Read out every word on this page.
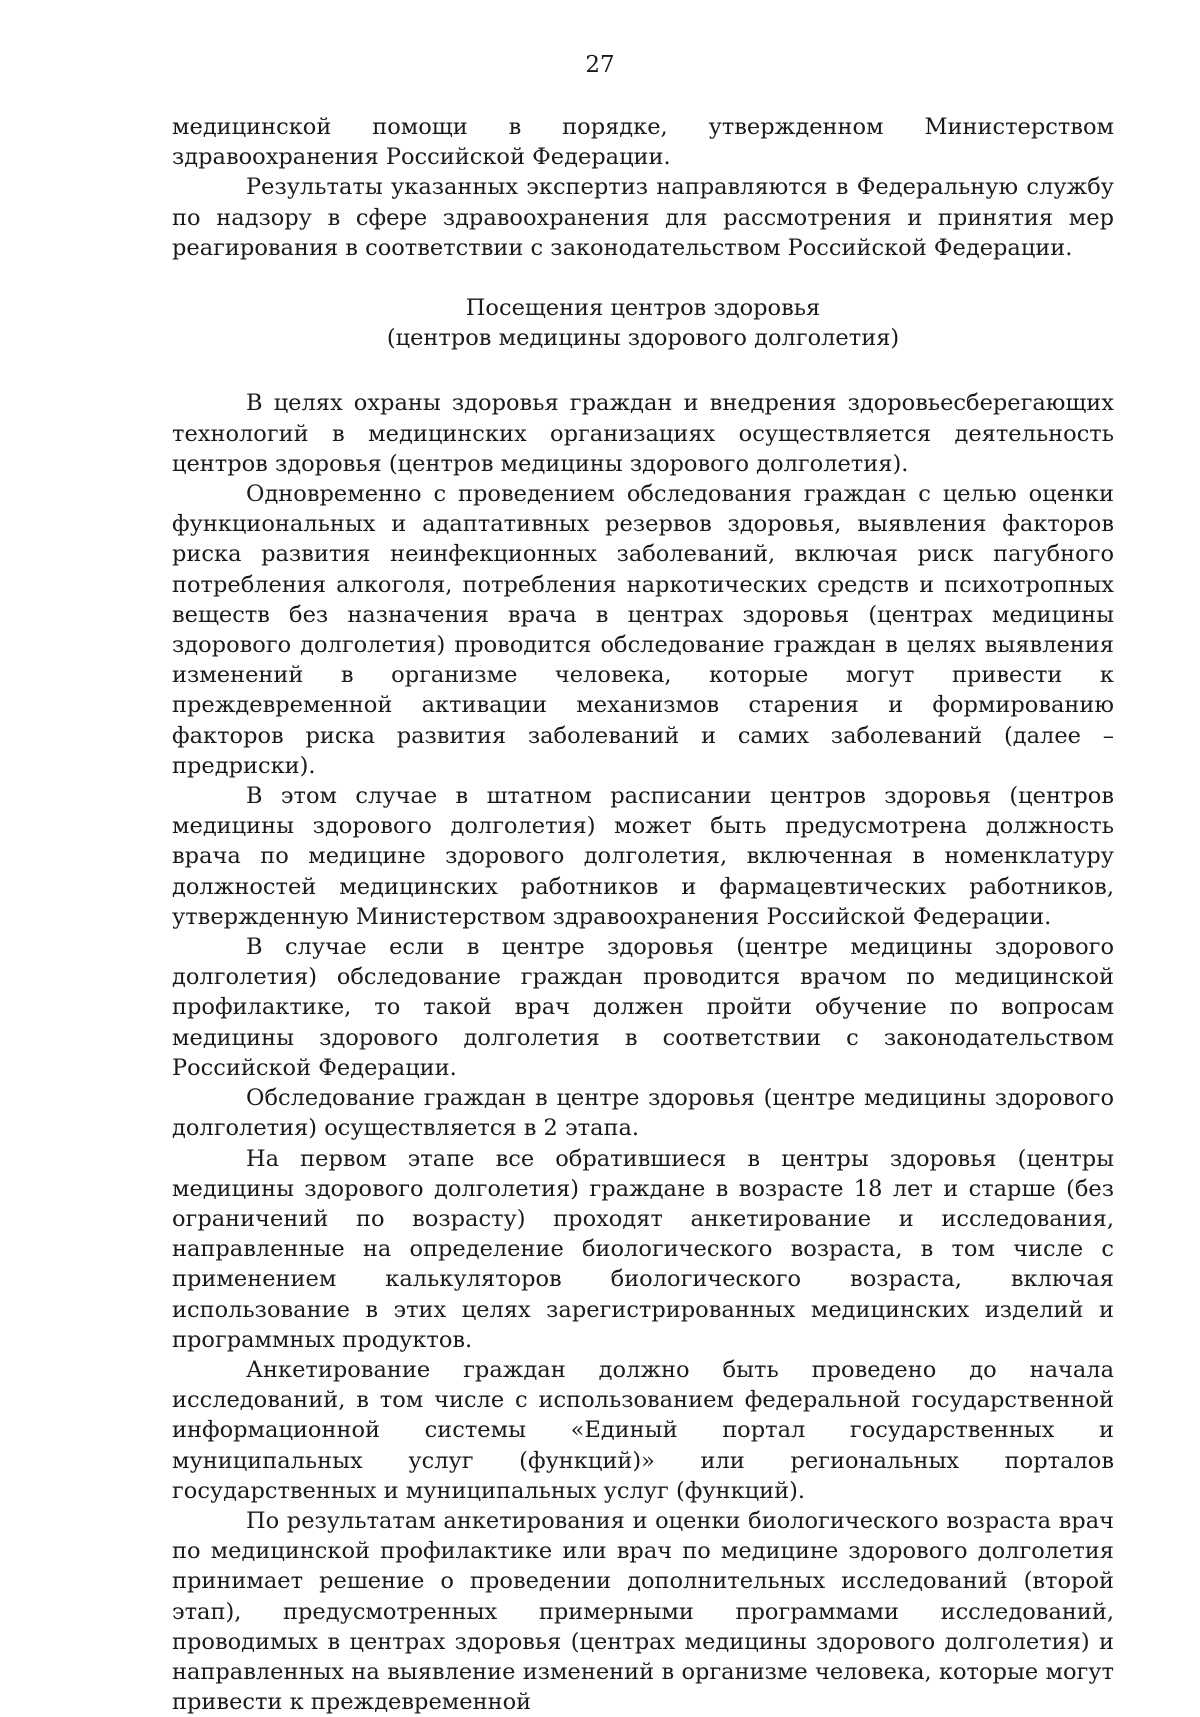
27

медицинской помощи в порядке, утвержденном Министерством здравоохранения Российской Федерации.

Результаты указанных экспертиз направляются в Федеральную службу по надзору в сфере здравоохранения для рассмотрения и принятия мер реагирования в соответствии с законодательством Российской Федерации.

Посещения центров здоровья
(центров медицины здорового долголетия)

В целях охраны здоровья граждан и внедрения здоровьесберегающих технологий в медицинских организациях осуществляется деятельность центров здоровья (центров медицины здорового долголетия).

Одновременно с проведением обследования граждан с целью оценки функциональных и адаптативных резервов здоровья, выявления факторов риска развития неинфекционных заболеваний, включая риск пагубного потребления алкоголя, потребления наркотических средств и психотропных веществ без назначения врача в центрах здоровья (центрах медицины здорового долголетия) проводится обследование граждан в целях выявления изменений в организме человека, которые могут привести к преждевременной активации механизмов старения и формированию факторов риска развития заболеваний и самих заболеваний (далее – предриски).

В этом случае в штатном расписании центров здоровья (центров медицины здорового долголетия) может быть предусмотрена должность врача по медицине здорового долголетия, включенная в номенклатуру должностей медицинских работников и фармацевтических работников, утвержденную Министерством здравоохранения Российской Федерации.

В случае если в центре здоровья (центре медицины здорового долголетия) обследование граждан проводится врачом по медицинской профилактике, то такой врач должен пройти обучение по вопросам медицины здорового долголетия в соответствии с законодательством Российской Федерации.

Обследование граждан в центре здоровья (центре медицины здорового долголетия) осуществляется в 2 этапа.

На первом этапе все обратившиеся в центры здоровья (центры медицины здорового долголетия) граждане в возрасте 18 лет и старше (без ограничений по возрасту) проходят анкетирование и исследования, направленные на определение биологического возраста, в том числе с применением калькуляторов биологического возраста, включая использование в этих целях зарегистрированных медицинских изделий и программных продуктов.

Анкетирование граждан должно быть проведено до начала исследований, в том числе с использованием федеральной государственной информационной системы «Единый портал государственных и муниципальных услуг (функций)» или региональных порталов государственных и муниципальных услуг (функций).

По результатам анкетирования и оценки биологического возраста врач по медицинской профилактике или врач по медицине здорового долголетия принимает решение о проведении дополнительных исследований (второй этап), предусмотренных примерными программами исследований, проводимых в центрах здоровья (центрах медицины здорового долголетия) и направленных на выявление изменений в организме человека, которые могут привести к преждевременной
